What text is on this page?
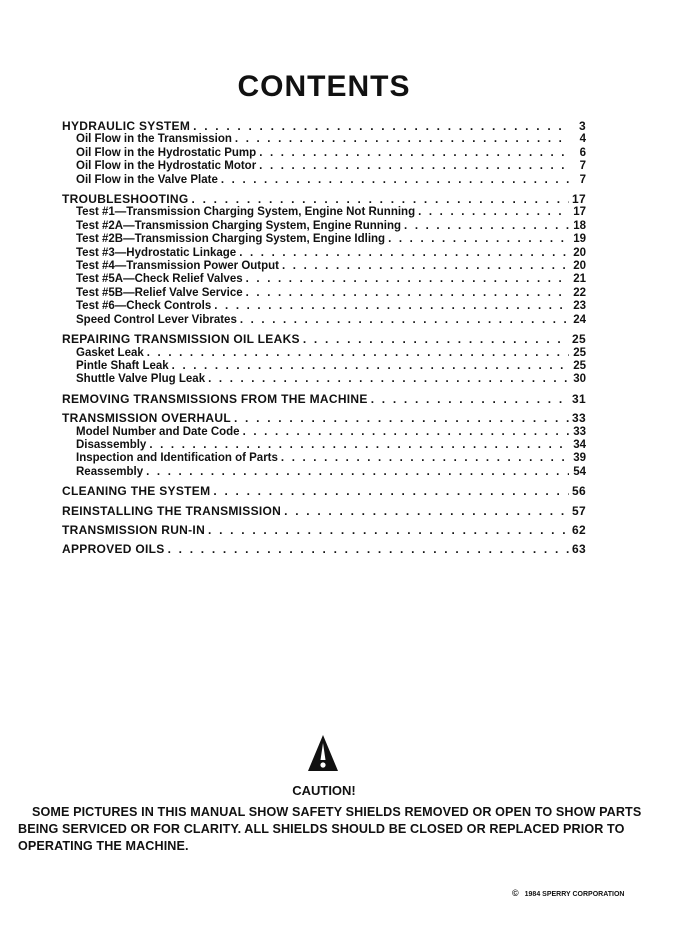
CONTENTS
HYDRAULIC SYSTEM . . .	3
Oil Flow in the Transmission . . .	4
Oil Flow in the Hydrostatic Pump . . .	6
Oil Flow in the Hydrostatic Motor . . .	7
Oil Flow in the Valve Plate . . .	7
TROUBLESHOOTING . . .	17
Test #1—Transmission Charging System, Engine Not Running . . .	17
Test #2A—Transmission Charging System, Engine Running . . .	18
Test #2B—Transmission Charging System, Engine Idling . . .	19
Test #3—Hydrostatic Linkage . . .	20
Test #4—Transmission Power Output . . .	20
Test #5A—Check Relief Valves . . .	21
Test #5B—Relief Valve Service . . .	22
Test #6—Check Controls . . .	23
Speed Control Lever Vibrates . . .	24
REPAIRING TRANSMISSION OIL LEAKS . . .	25
Gasket Leak . . .	25
Pintle Shaft Leak . . .	25
Shuttle Valve Plug Leak . . .	30
REMOVING TRANSMISSIONS FROM THE MACHINE . . .	31
TRANSMISSION OVERHAUL . . .	33
Model Number and Date Code . . .	33
Disassembly . . .	34
Inspection and Identification of Parts . . .	39
Reassembly . . .	54
CLEANING THE SYSTEM . . .	56
REINSTALLING THE TRANSMISSION . . .	57
TRANSMISSION RUN-IN . . .	62
APPROVED OILS . . .	63
CAUTION!
SOME PICTURES IN THIS MANUAL SHOW SAFETY SHIELDS REMOVED OR OPEN TO SHOW PARTS BEING SERVICED OR FOR CLARITY. ALL SHIELDS SHOULD BE CLOSED OR REPLACED PRIOR TO OPERATING THE MACHINE.
© 1984 SPERRY CORPORATION
